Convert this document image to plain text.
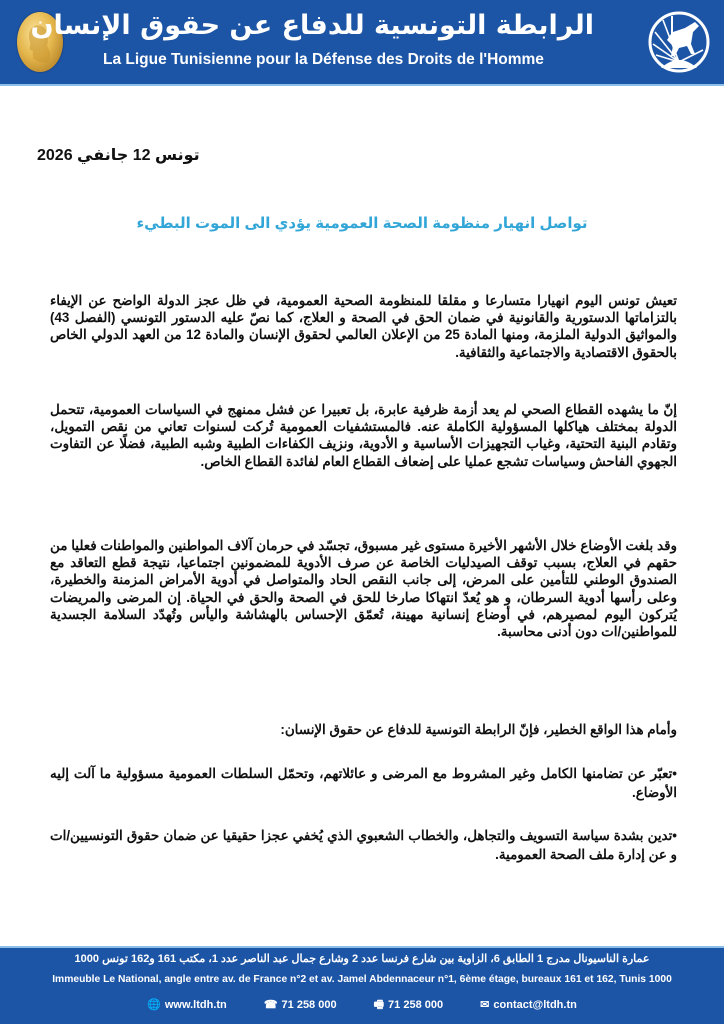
الرابطة التونسية للدفاع عن حقوق الإنسان
La Ligue Tunisienne pour la Défense des Droits de l'Homme
تونس 12 جانفي 2026
تواصل انهيار منظومة الصحة العمومية يؤدي الى الموت البطيء

تعيش تونس اليوم انهيارا متسارعا و مقلقا للمنظومة الصحية العمومية، في ظل عجز الدولة الواضح عن الإيفاء بالتزاماتها الدستورية والقانونية في ضمان الحق في الصحة و العلاج، كما نصّ عليه الدستور التونسي (الفصل 43) والمواثيق الدولية الملزمة، ومنها المادة 25 من الإعلان العالمي لحقوق الإنسان والمادة 12 من العهد الدولي الخاص بالحقوق الاقتصادية والاجتماعية والثقافية.

إنّ ما يشهده القطاع الصحي لم يعد أزمة ظرفية عابرة، بل تعبيرا عن فشل ممنهج في السياسات العمومية، تتحمل الدولة بمختلف هياكلها المسؤولية الكاملة عنه. فالمستشفيات العمومية تُركت لسنوات تعاني من نقص التمويل، وتقادم البنية التحتية، وغياب التجهيزات الأساسية و الأدوية، ونزيف الكفاءات الطبية وشبه الطبية، فضلًا عن التفاوت الجهوي الفاحش وسياسات تشجع عمليا على إضعاف القطاع العام لفائدة القطاع الخاص.

وقد بلغت الأوضاع خلال الأشهر الأخيرة مستوى غير مسبوق، تجسّد في حرمان آلاف المواطنين والمواطنات فعليا من حقهم في العلاج، بسبب توقف الصيدليات الخاصة عن صرف الأدوية للمضمونين اجتماعيا، نتيجة قطع التعاقد مع الصندوق الوطني للتأمين على المرض، إلى جانب النقص الحاد والمتواصل في أدوية الأمراض المزمنة والخطيرة، وعلى رأسها أدوية السرطان، و هو يُعدّ انتهاكا صارخا للحق في الصحة والحق في الحياة. إن المرضى والمريضات يُتركون اليوم لمصيرهم، في أوضاع إنسانية مهينة، تُعمّق الإحساس بالهشاشة واليأس وتُهدّد السلامة الجسدية للمواطنين/ات دون أدنى محاسبة.

وأمام هذا الواقع الخطير، فإنّ الرابطة التونسية للدفاع عن حقوق الإنسان:

•تعبّر عن تضامنها الكامل وغير المشروط مع المرضى و عائلاتهم، وتحمّل السلطات العمومية مسؤولية ما آلت إليه الأوضاع.

•تدين بشدة سياسة التسويف والتجاهل، والخطاب الشعبوي الذي يُخفي عجزا حقيقيا عن ضمان حقوق التونسيين/ات و عن إدارة ملف الصحة العمومية.

عمارة الناسيونال مدرج 1 الطابق 6، الزاوية بين شارع فرنسا عدد 2 وشارع جمال عبد الناصر عدد 1، مكتب 161 و162 تونس 1000
Immeuble Le National, angle entre av. de France n°2 et av. Jamel Abdennaceur n°1, 6ème étage, bureaux 161 et 162, Tunis 1000
🌐 www.ltdh.tn	☎ 71 258 000	🖷 71 258 000	✉ contact@ltdh.tn
